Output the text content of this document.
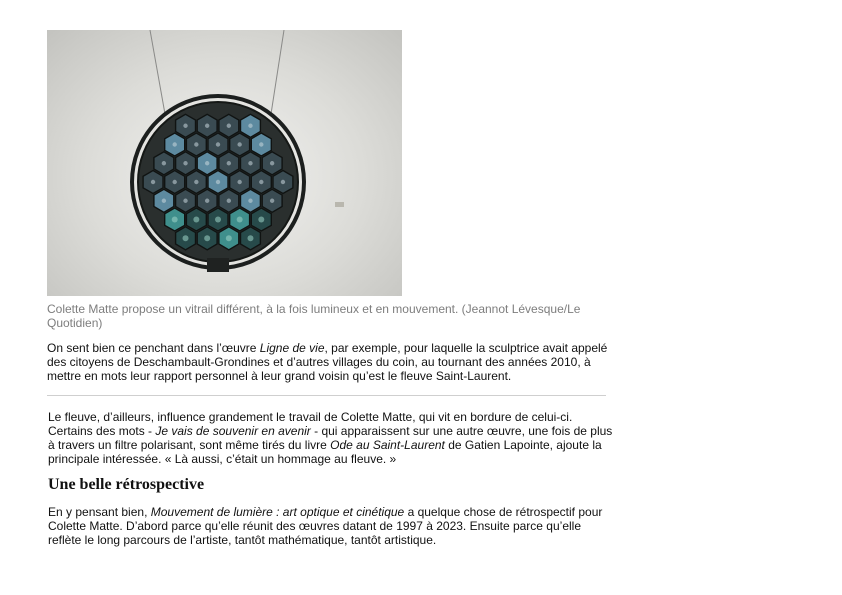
Colette Matte propose un vitrail différent, à la fois lumineux et en mouvement. (Jeannot Lévesque/Le Quotidien)

On sent bien ce penchant dans l’œuvre Ligne de vie, par exemple, pour laquelle la sculptrice avait appelé des citoyens de Deschambault-Grondines et d’autres villages du coin, au tournant des années 2010, à mettre en mots leur rapport personnel à leur grand voisin qu’est le fleuve Saint-Laurent.

Le fleuve, d’ailleurs, influence grandement le travail de Colette Matte, qui vit en bordure de celui-ci. Certains des mots - Je vais de souvenir en avenir - qui apparaissent sur une autre œuvre, une fois de plus à travers un filtre polarisant, sont même tirés du livre Ode au Saint-Laurent de Gatien Lapointe, ajoute la principale intéressée. « Là aussi, c’était un hommage au fleuve. »

Une belle rétrospective

En y pensant bien, Mouvement de lumière : art optique et cinétique a quelque chose de rétrospectif pour Colette Matte. D’abord parce qu’elle réunit des œuvres datant de 1997 à 2023. Ensuite parce qu’elle reflète le long parcours de l’artiste, tantôt mathématique, tantôt artistique.
